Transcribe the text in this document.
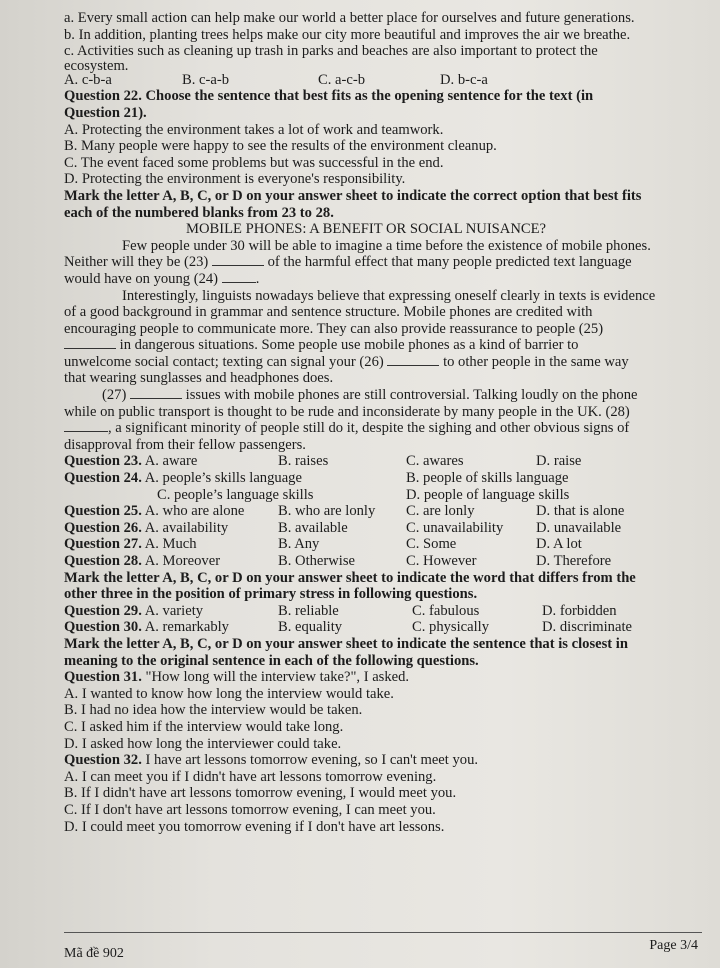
a. Every small action can help make our world a better place for ourselves and future generations.

b. In addition, planting trees helps make our city more beautiful and improves the air we breathe.

c. Activities such as cleaning up trash in parks and beaches are also important to protect the

ecosystem.

A. c-b-a	B. c-a-b	C. a-c-b	D. b-c-a

Question 22. Choose the sentence that best fits as the opening sentence for the text (in

Question 21).

A. Protecting the environment takes a lot of work and teamwork.

B. Many people were happy to see the results of the environment cleanup.

C. The event faced some problems but was successful in the end.

D. Protecting the environment is everyone's responsibility.

Mark the letter A, B, C, or D on your answer sheet to indicate the correct option that best fits

each of the numbered blanks from 23 to 28.

MOBILE PHONES: A BENEFIT OR SOCIAL NUISANCE?

Few people under 30 will be able to imagine a time before the existence of mobile phones.

Neither will they be (23)	of the harmful effect that many people predicted text language

would have on young (24)	.

Interestingly, linguists nowadays believe that expressing oneself clearly in texts is evidence

of a good background in grammar and sentence structure. Mobile phones are credited with

encouraging people to communicate more. They can also provide reassurance to people (25)

in dangerous situations. Some people use mobile phones as a kind of barrier to

unwelcome social contact; texting can signal your (26)	to other people in the same way

that wearing sunglasses and headphones does.

(27)	issues with mobile phones are still controversial. Talking loudly on the phone

while on public transport is thought to be rude and inconsiderate by many people in the UK. (28)

, a significant minority of people still do it, despite the sighing and other obvious signs of

disapproval from their fellow passengers.

Question 23. A. aware	B. raises	C. awares	D. raise
Question 24. A. people’s skills language	B. people of skills language
C. people’s language skills	D. people of language skills
Question 25. A. who are alone	B. who are lonly	C. are lonly	D. that is alone
Question 26. A. availability	B. available	C. unavailability	D. unavailable
Question 27. A. Much	B. Any	C. Some	D. A lot
Question 28. A. Moreover	B. Otherwise	C. However	D. Therefore

Mark the letter A, B, C, or D on your answer sheet to indicate the word that differs from the

other three in the position of primary stress in following questions.

Question 29. A. variety	B. reliable	C. fabulous	D. forbidden
Question 30. A. remarkably	B. equality	C. physically	D. discriminate

Mark the letter A, B, C, or D on your answer sheet to indicate the sentence that is closest in

meaning to the original sentence in each of the following questions.

Question 31. "How long will the interview take?", I asked.

A. I wanted to know how long the interview would take.

B. I had no idea how the interview would be taken.

C. I asked him if the interview would take long.

D. I asked how long the interviewer could take.

Question 32. I have art lessons tomorrow evening, so I can't meet you.

A. I can meet you if I didn't have art lessons tomorrow evening.

B. If I didn't have art lessons tomorrow evening, I would meet you.

C. If I don't have art lessons tomorrow evening, I can meet you.

D. I could meet you tomorrow evening if I don't have art lessons.

Mã đề 902
Page 3/4
